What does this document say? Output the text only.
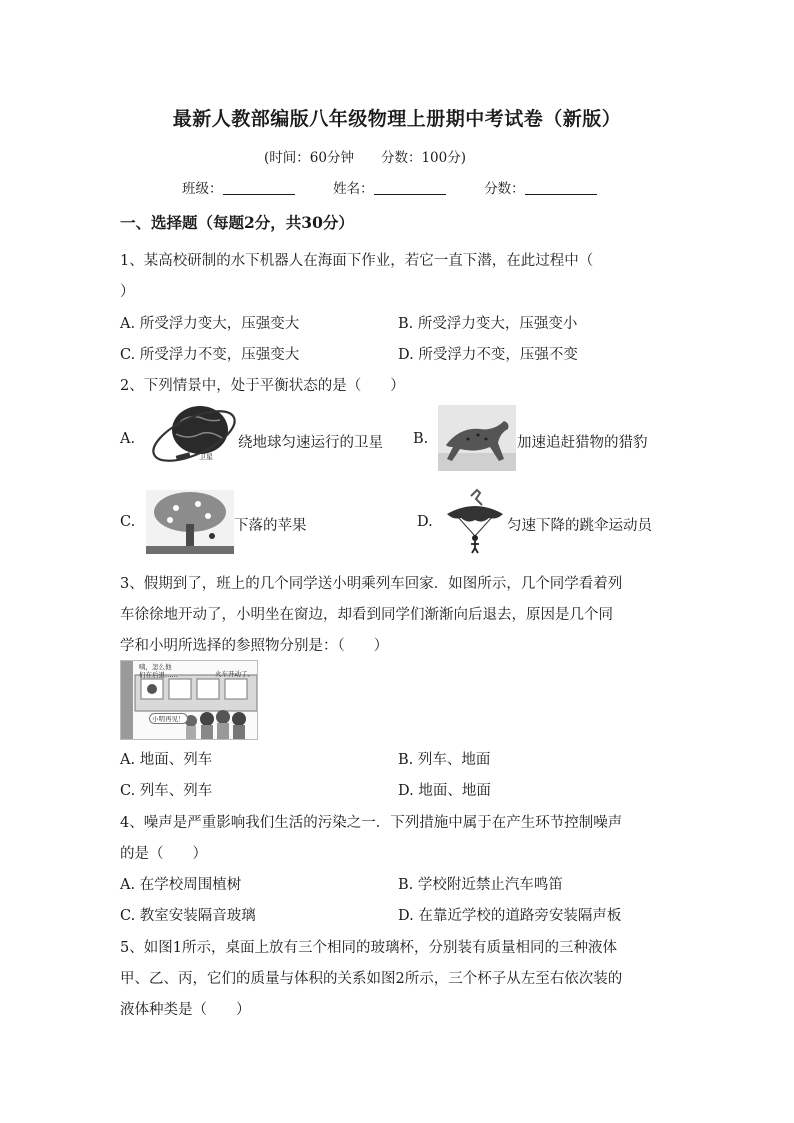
最新人教部编版八年级物理上册期中考试卷（新版）
(时间：60分钟　　分数：100分)
班级：	姓名：	分数：
一、选择题（每题2分，共30分）
1、某高校研制的水下机器人在海面下作业，若它一直下潜，在此过程中（
）
A. 所受浮力变大，压强变大	B. 所受浮力变大，压强变小
C. 所受浮力不变，压强变大	D. 所受浮力不变，压强不变
2、下列情景中，处于平衡状态的是（　　）
A.
卫星
绕地球匀速运行的卫星 B.	加速追赶猎物的猎豹
C.	下落的苹果	D.	匀速下降的跳伞运动员
3、假期到了，班上的几个同学送小明乘列车回家．如图所示，几个同学看着列
车徐徐地开动了，小明坐在窗边，却看到同学们渐渐向后退去，原因是几个同
学和小明所选择的参照物分别是：（　　）
咦，怎么他
们在后退……	火车开动了。
小明再见！
A. 地面、列车	B. 列车、地面
C. 列车、列车	D. 地面、地面
4、噪声是严重影响我们生活的污染之一．下列措施中属于在产生环节控制噪声
的是（　　）
A. 在学校周围植树	B. 学校附近禁止汽车鸣笛
C. 教室安装隔音玻璃	D. 在靠近学校的道路旁安装隔声板
5、如图1所示，桌面上放有三个相同的玻璃杯，分别装有质量相同的三种液体
甲、乙、丙，它们的质量与体积的关系如图2所示，三个杯子从左至右依次装的
液体种类是（　　）
